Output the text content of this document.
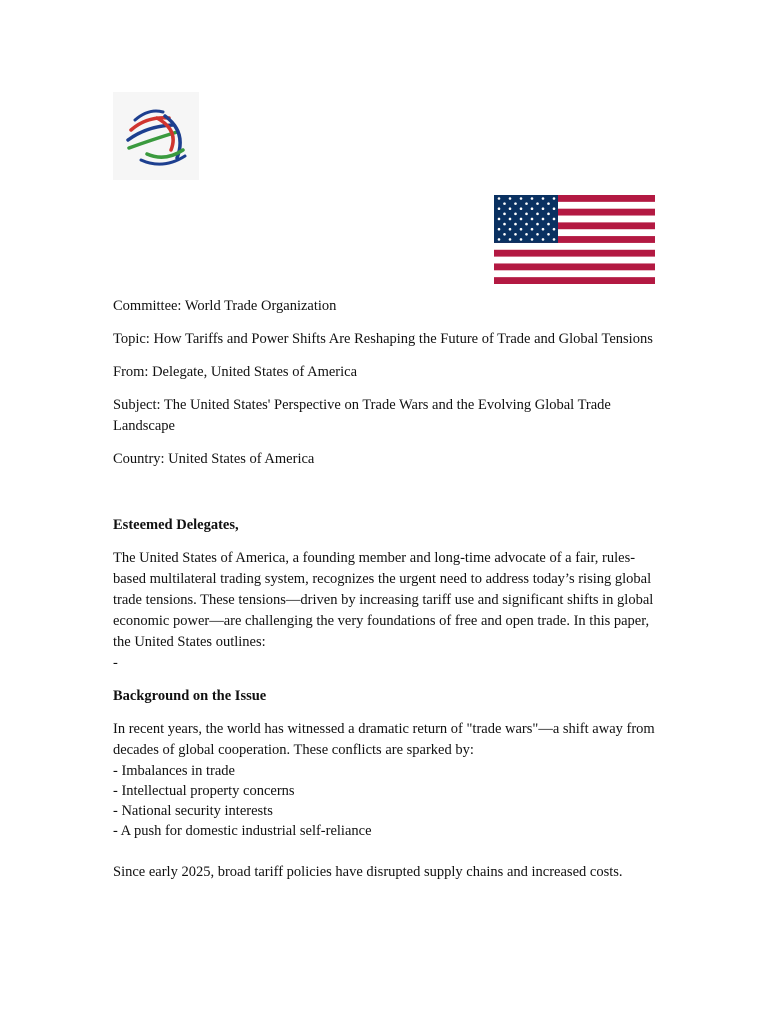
Committee: World Trade Organization

Topic: How Tariffs and Power Shifts Are Reshaping the Future of Trade and Global Tensions

From: Delegate, United States of America

Subject: The United States' Perspective on Trade Wars and the Evolving Global Trade Landscape

Country: United States of America

Esteemed Delegates,

The United States of America, a founding member and long-time advocate of a fair, rules-based multilateral trading system, recognizes the urgent need to address today’s rising global trade tensions. These tensions—driven by increasing tariff use and significant shifts in global economic power—are challenging the very foundations of free and open trade. In this paper, the United States outlines:

-

Background on the Issue

In recent years, the world has witnessed a dramatic return of "trade wars"—a shift away from decades of global cooperation. These conflicts are sparked by:

- Imbalances in trade
- Intellectual property concerns
- National security interests
- A push for domestic industrial self-reliance

Since early 2025, broad tariff policies have disrupted supply chains and increased costs.
